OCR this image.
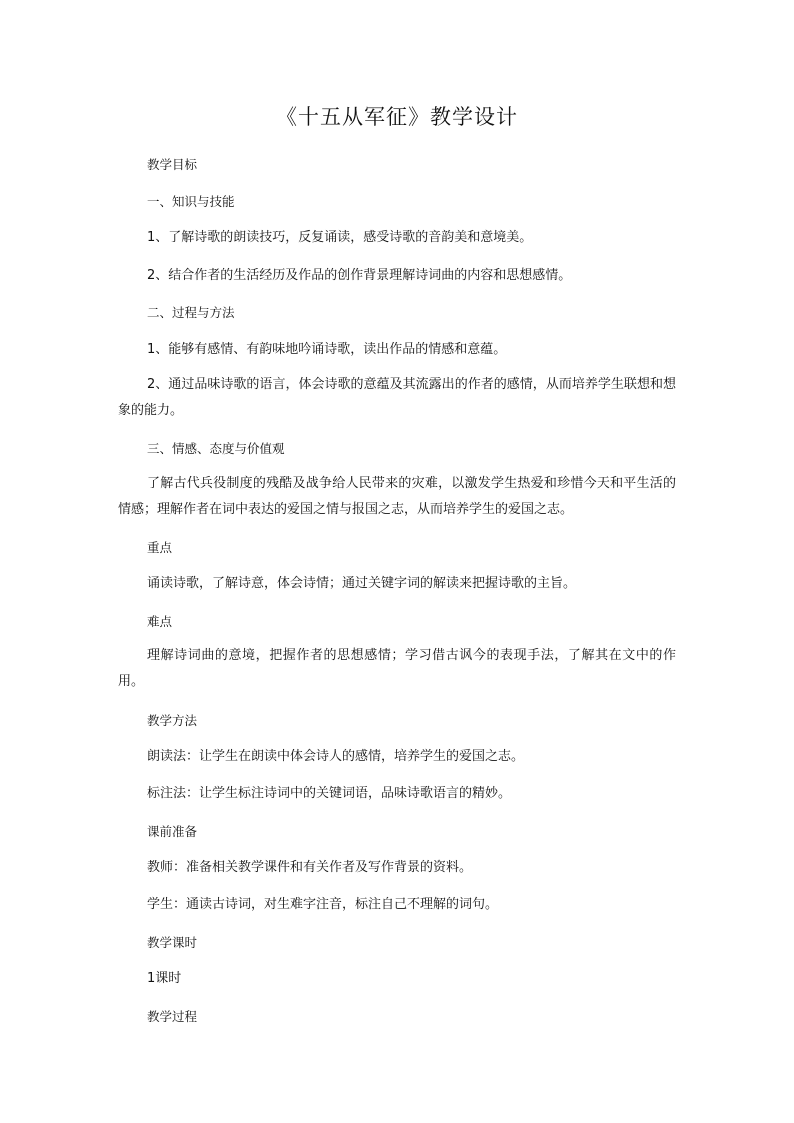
《十五从军征》教学设计

教学目标

一、知识与技能

1、了解诗歌的朗读技巧，反复诵读，感受诗歌的音韵美和意境美。

2、结合作者的生活经历及作品的创作背景理解诗词曲的内容和思想感情。

二、过程与方法

1、能够有感情、有韵味地吟诵诗歌，读出作品的情感和意蕴。

2、通过品味诗歌的语言，体会诗歌的意蕴及其流露出的作者的感情，从而培养学生联想和想象的能力。

三、情感、态度与价值观

了解古代兵役制度的残酷及战争给人民带来的灾难，以激发学生热爱和珍惜今天和平生活的情感；理解作者在词中表达的爱国之情与报国之志，从而培养学生的爱国之志。

重点

诵读诗歌，了解诗意，体会诗情；通过关键字词的解读来把握诗歌的主旨。

难点

理解诗词曲的意境，把握作者的思想感情；学习借古讽今的表现手法，了解其在文中的作用。

教学方法

朗读法：让学生在朗读中体会诗人的感情，培养学生的爱国之志。

标注法：让学生标注诗词中的关键词语，品味诗歌语言的精妙。

课前准备

教师：准备相关教学课件和有关作者及写作背景的资料。

学生：通读古诗词，对生难字注音，标注自己不理解的词句。

教学课时

1课时

教学过程
